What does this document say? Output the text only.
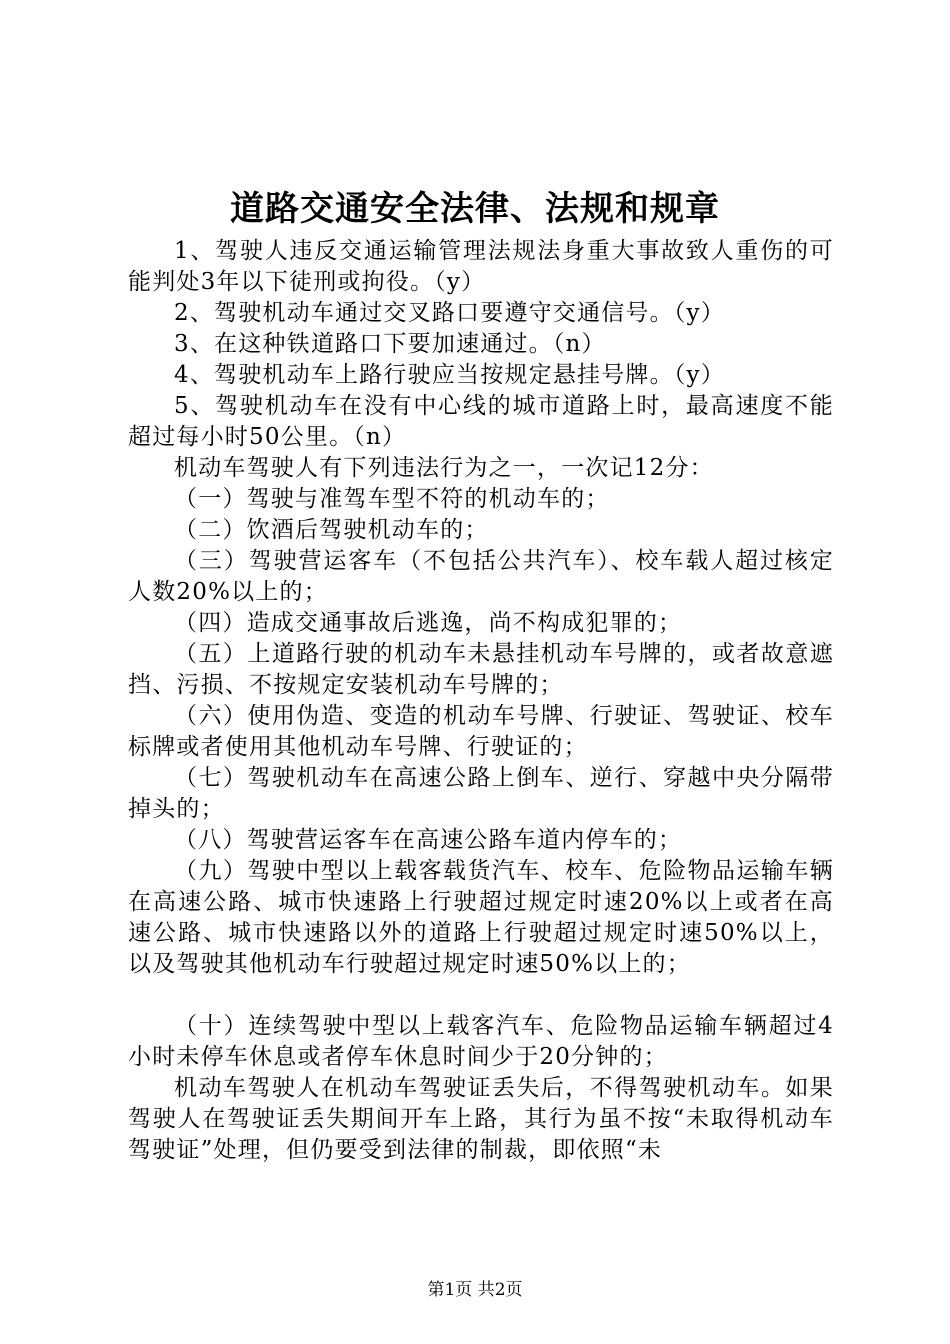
道路交通安全法律、法规和规章

1、驾驶人违反交通运输管理法规法身重大事故致人重伤的可能判处3年以下徒刑或拘役。（y）

2、驾驶机动车通过交叉路口要遵守交通信号。（y）

3、在这种铁道路口下要加速通过。（n）

4、驾驶机动车上路行驶应当按规定悬挂号牌。（y）

5、驾驶机动车在没有中心线的城市道路上时，最高速度不能超过每小时50公里。（n）

机动车驾驶人有下列违法行为之一，一次记12分：

（一）驾驶与准驾车型不符的机动车的；

（二）饮酒后驾驶机动车的；

（三）驾驶营运客车（不包括公共汽车）、校车载人超过核定人数20%以上的；

（四）造成交通事故后逃逸，尚不构成犯罪的；

（五）上道路行驶的机动车未悬挂机动车号牌的，或者故意遮挡、污损、不按规定安装机动车号牌的；

（六）使用伪造、变造的机动车号牌、行驶证、驾驶证、校车标牌或者使用其他机动车号牌、行驶证的；

（七）驾驶机动车在高速公路上倒车、逆行、穿越中央分隔带掉头的；

（八）驾驶营运客车在高速公路车道内停车的；

（九）驾驶中型以上载客载货汽车、校车、危险物品运输车辆在高速公路、城市快速路上行驶超过规定时速20%以上或者在高速公路、城市快速路以外的道路上行驶超过规定时速50%以上，以及驾驶其他机动车行驶超过规定时速50%以上的；

（十）连续驾驶中型以上载客汽车、危险物品运输车辆超过4小时未停车休息或者停车休息时间少于20分钟的；

机动车驾驶人在机动车驾驶证丢失后，不得驾驶机动车。如果驾驶人在驾驶证丢失期间开车上路，其行为虽不按“未取得机动车驾驶证”处理，但仍要受到法律的制裁，即依照“未

第1页 共2页
